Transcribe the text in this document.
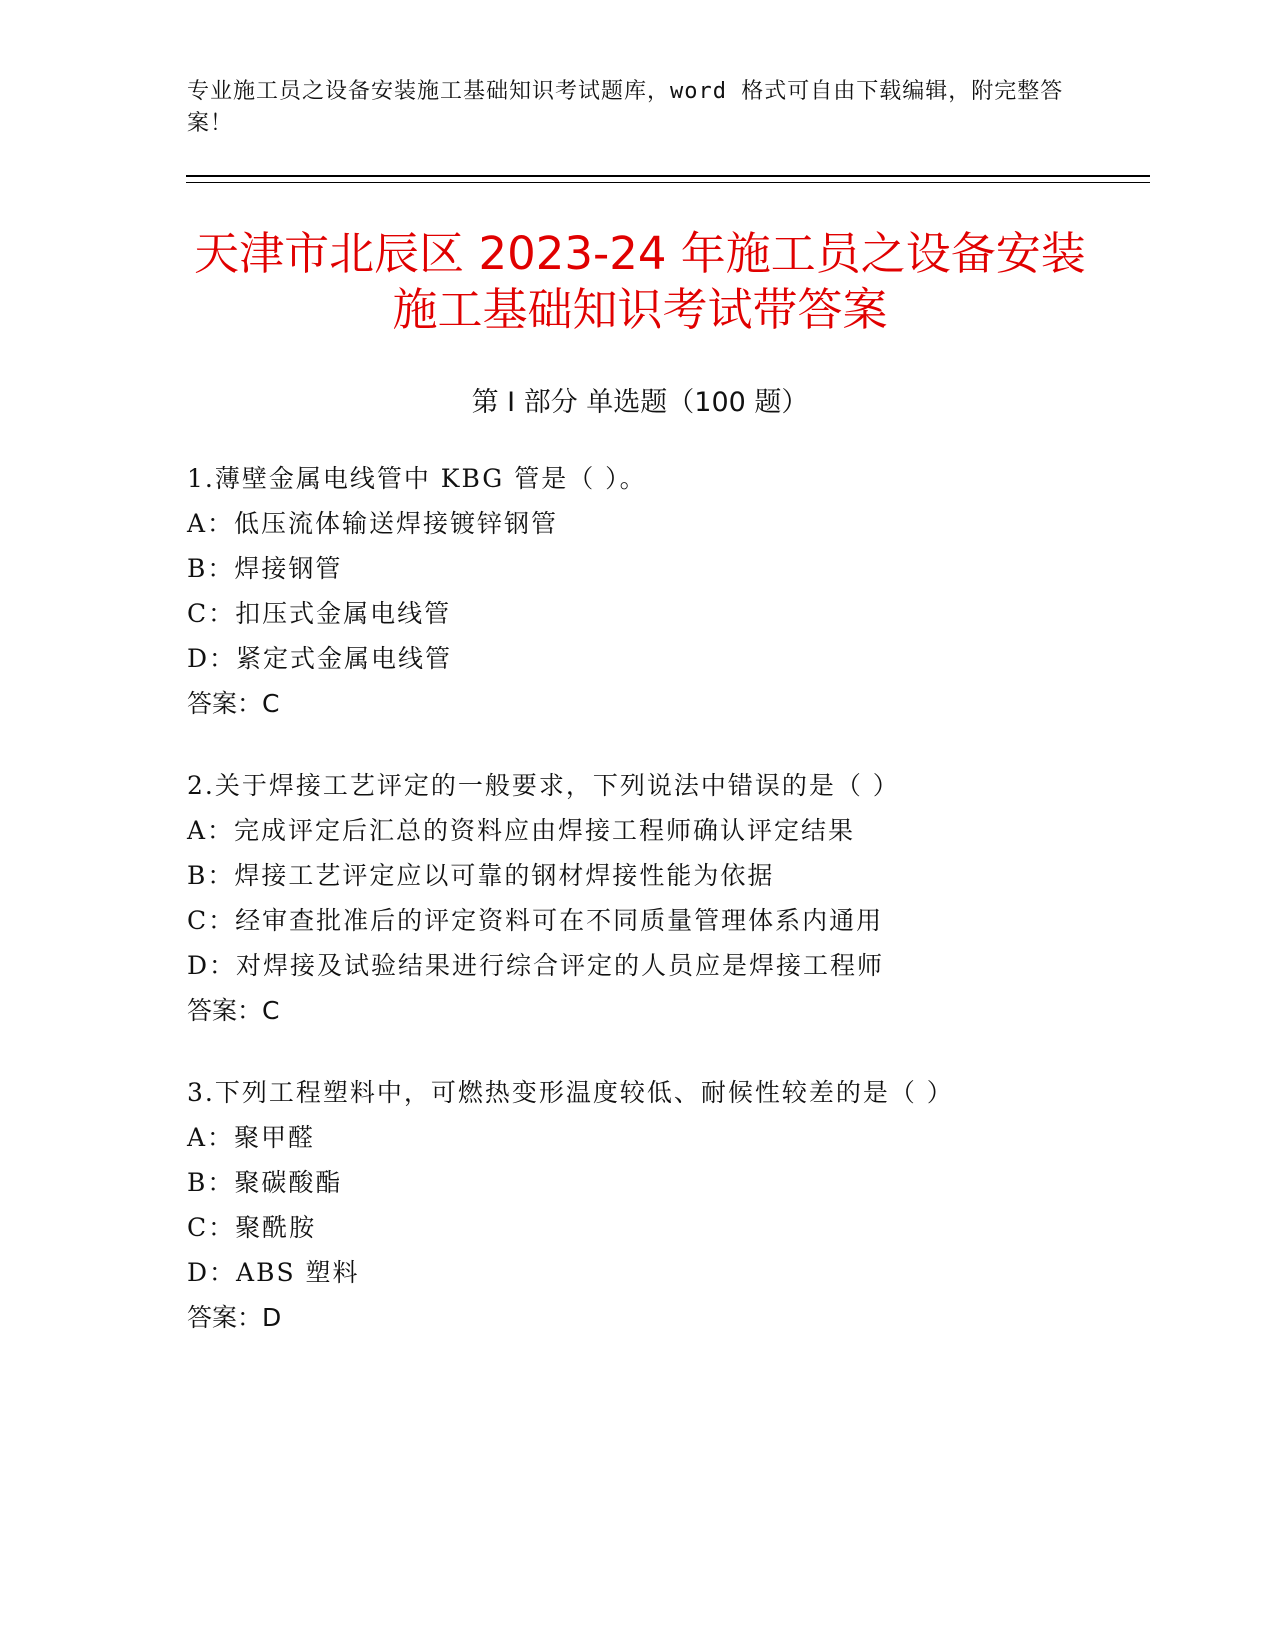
专业施工员之设备安装施工基础知识考试题库，word 格式可自由下载编辑，附完整答案！
天津市北辰区 2023-24 年施工员之设备安装
施工基础知识考试带答案
第 I 部分 单选题（100 题）
1.薄壁金属电线管中 KBG 管是（ ）。
A：低压流体输送焊接镀锌钢管
B：焊接钢管
C：扣压式金属电线管
D：紧定式金属电线管
答案：C
2.关于焊接工艺评定的一般要求，下列说法中错误的是（ ）
A：完成评定后汇总的资料应由焊接工程师确认评定结果
B：焊接工艺评定应以可靠的钢材焊接性能为依据
C：经审查批准后的评定资料可在不同质量管理体系内通用
D：对焊接及试验结果进行综合评定的人员应是焊接工程师
答案：C
3.下列工程塑料中，可燃热变形温度较低、耐候性较差的是（ ）
A：聚甲醛
B：聚碳酸酯
C：聚酰胺
D：ABS 塑料
答案：D
